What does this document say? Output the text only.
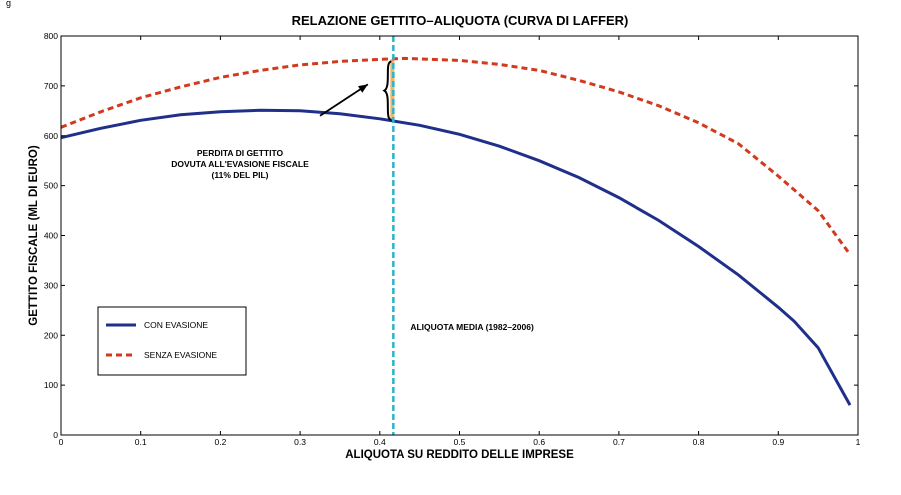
g
RELAZIONE GETTITO–ALIQUOTA (CURVA DI LAFFER)
0	0.1	0.2	0.3	0.4	0.5	0.6	0.7	0.8	0.9	1
0
100
200
300
400
500
600
700
800
ALIQUOTA SU REDDITO DELLE IMPRESE
GETTITO FISCALE (ML DI EURO)
ALIQUOTA MEDIA (1982–2006)
PERDITA DI GETTITO
DOVUTA ALL'EVASIONE FISCALE
(11% DEL PIL)
CON EVASIONE
SENZA EVASIONE
